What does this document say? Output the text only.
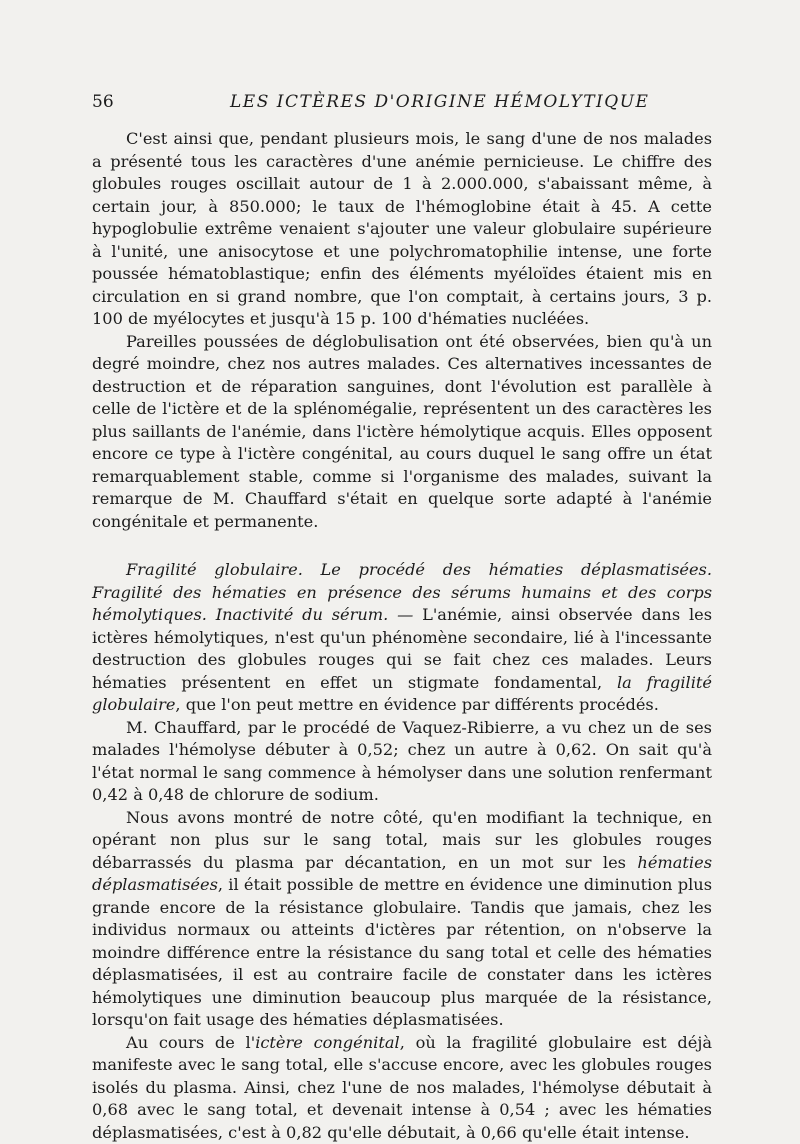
56	LES ICTÈRES D'ORIGINE HÉMOLYTIQUE

C'est ainsi que, pendant plusieurs mois, le sang d'une de nos malades a présenté tous les caractères d'une anémie pernicieuse. Le chiffre des globules rouges oscillait autour de 1 à 2.000.000, s'abaissant même, à certain jour, à 850.000; le taux de l'hémoglobine était à 45. A cette hypoglobulie extrême venaient s'ajouter une valeur globulaire supérieure à l'unité, une anisocytose et une polychromatophilie intense, une forte poussée hématoblastique; enfin des éléments myéloïdes étaient mis en circulation en si grand nombre, que l'on comptait, à certains jours, 3 p. 100 de myélocytes et jusqu'à 15 p. 100 d'hématies nucléées.

Pareilles poussées de déglobulisation ont été observées, bien qu'à un degré moindre, chez nos autres malades. Ces alternatives incessantes de destruction et de réparation sanguines, dont l'évolution est parallèle à celle de l'ictère et de la splénomégalie, représentent un des caractères les plus saillants de l'anémie, dans l'ictère hémolytique acquis. Elles opposent encore ce type à l'ictère congénital, au cours duquel le sang offre un état remarquablement stable, comme si l'organisme des malades, suivant la remarque de M. Chauffard s'était en quelque sorte adapté à l'anémie congénitale et permanente.

Fragilité globulaire. Le procédé des hématies déplasmatisées. Fragilité des hématies en présence des sérums humains et des corps hémolytiques. Inactivité du sérum. — L'anémie, ainsi observée dans les ictères hémolytiques, n'est qu'un phénomène secondaire, lié à l'incessante destruction des globules rouges qui se fait chez ces malades. Leurs hématies présentent en effet un stigmate fondamental, la fragilité globulaire, que l'on peut mettre en évidence par différents procédés.

M. Chauffard, par le procédé de Vaquez-Ribierre, a vu chez un de ses malades l'hémolyse débuter à 0,52; chez un autre à 0,62. On sait qu'à l'état normal le sang commence à hémolyser dans une solution renfermant 0,42 à 0,48 de chlorure de sodium.

Nous avons montré de notre côté, qu'en modifiant la technique, en opérant non plus sur le sang total, mais sur les globules rouges débarrassés du plasma par décantation, en un mot sur les hématies déplasmatisées, il était possible de mettre en évidence une diminution plus grande encore de la résistance globulaire. Tandis que jamais, chez les individus normaux ou atteints d'ictères par rétention, on n'observe la moindre différence entre la résistance du sang total et celle des hématies déplasmatisées, il est au contraire facile de constater dans les ictères hémolytiques une diminution beaucoup plus marquée de la résistance, lorsqu'on fait usage des hématies déplasmatisées.

Au cours de l'ictère congénital, où la fragilité globulaire est déjà manifeste avec le sang total, elle s'accuse encore, avec les globules rouges isolés du plasma. Ainsi, chez l'une de nos malades, l'hémolyse débutait à 0,68 avec le sang total, et devenait intense à 0,54 ; avec les hématies déplasmatisées, c'est à 0,82 qu'elle débutait, à 0,66 qu'elle était intense.
